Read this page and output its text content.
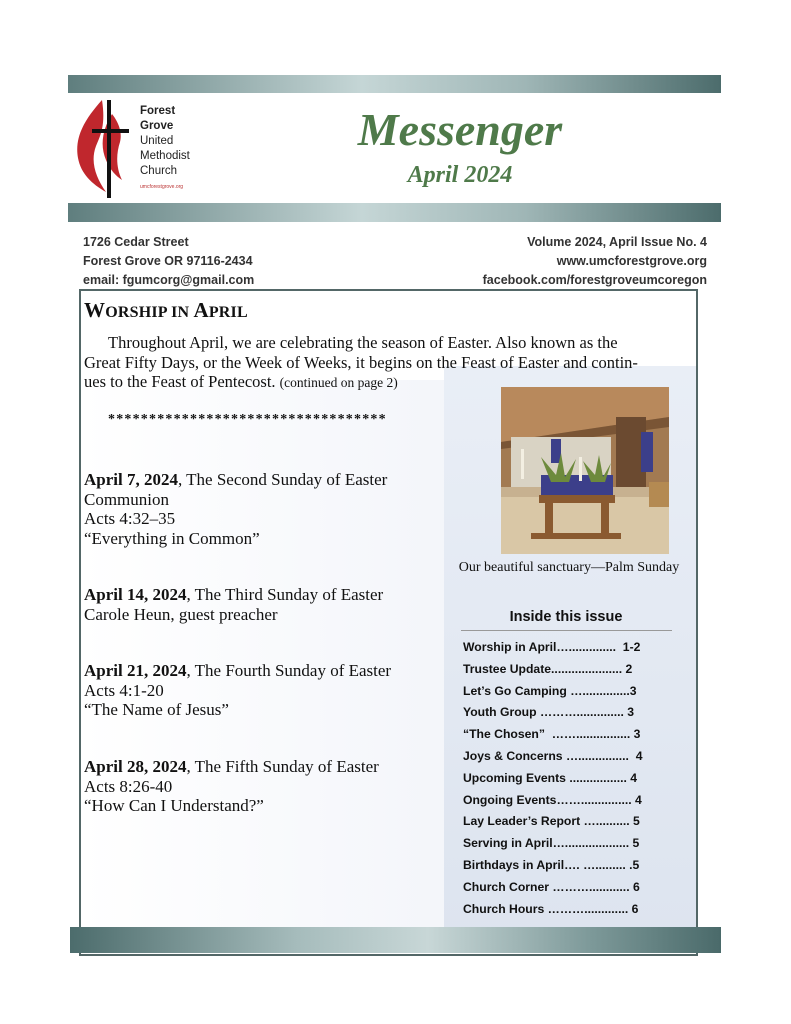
Forest
Grove
United
Methodist
Church
umcforestgrove.org
Messenger
April 2024
1726 Cedar Street
Forest Grove OR 97116-2434
email: fgumcorg@gmail.com
Volume 2024, April Issue No. 4
www.umcforestgrove.org
facebook.com/forestgroveumcoregon
WORSHIP IN APRIL
Throughout April, we are celebrating the season of Easter. Also known as the
Great Fifty Days, or the Week of Weeks, it begins on the Feast of Easter and contin-
ues to the Feast of Pentecost. (continued on page 2)
**********************************
April 7, 2024, The Second Sunday of Easter
Communion
Acts 4:32–35
“Everything in Common”
April 14, 2024, The Third Sunday of Easter
Carole Heun, guest preacher
April 21, 2024, The Fourth Sunday of Easter
Acts 4:1-20
“The Name of Jesus”
April 28, 2024, The Fifth Sunday of Easter
Acts 8:26-40
“How Can I Understand?”
Our beautiful sanctuary—Palm Sunday
Inside this issue
Worship in April…..............  1-2
Trustee Update..................... 2
Let’s Go Camping …..............3
Youth Group ……….............. 3
“The Chosen”  ……................ 3
Joys & Concerns …...............  4
Upcoming Events ................. 4
Ongoing Events……............... 4
Lay Leader’s Report ….......... 5
Serving in April…................... 5
Birthdays in April…. …......... .5
Church Corner ………............ 6
Church Hours ………............. 6
